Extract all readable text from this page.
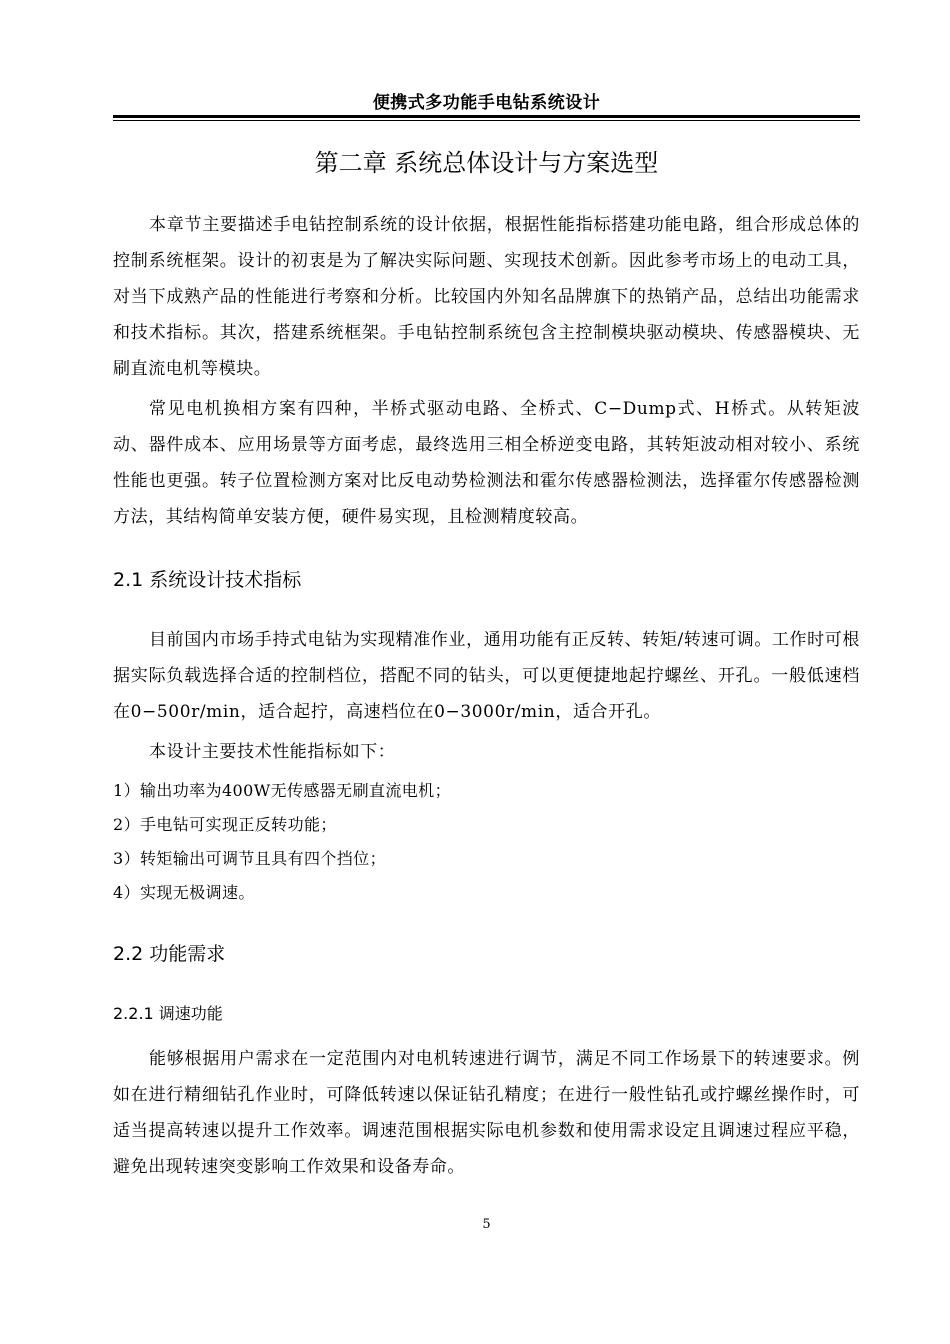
便携式多功能手电钻系统设计
第二章 系统总体设计与方案选型

本章节主要描述手电钻控制系统的设计依据，根据性能指标搭建功能电路，组合形成总体的控制系统框架。设计的初衷是为了解决实际问题、实现技术创新。因此参考市场上的电动工具，对当下成熟产品的性能进行考察和分析。比较国内外知名品牌旗下的热销产品，总结出功能需求和技术指标。其次，搭建系统框架。手电钻控制系统包含主控制模块驱动模块、传感器模块、无刷直流电机等模块。

常见电机换相方案有四种，半桥式驱动电路、全桥式、C−Dump式、H桥式。从转矩波动、器件成本、应用场景等方面考虑，最终选用三相全桥逆变电路，其转矩波动相对较小、系统性能也更强。转子位置检测方案对比反电动势检测法和霍尔传感器检测法，选择霍尔传感器检测方法，其结构简单安装方便，硬件易实现，且检测精度较高。

2.1 系统设计技术指标

目前国内市场手持式电钻为实现精准作业，通用功能有正反转、转矩/转速可调。工作时可根据实际负载选择合适的控制档位，搭配不同的钻头，可以更便捷地起拧螺丝、开孔。一般低速档在0−500r/min，适合起拧，高速档位在0−3000r/min，适合开孔。

本设计主要技术性能指标如下：

1）输出功率为400W无传感器无刷直流电机；
2）手电钻可实现正反转功能；
3）转矩输出可调节且具有四个挡位；
4）实现无极调速。
2.2 功能需求
2.2.1 调速功能

能够根据用户需求在一定范围内对电机转速进行调节，满足不同工作场景下的转速要求。例如在进行精细钻孔作业时，可降低转速以保证钻孔精度；在进行一般性钻孔或拧螺丝操作时，可适当提高转速以提升工作效率。调速范围根据实际电机参数和使用需求设定且调速过程应平稳，避免出现转速突变影响工作效果和设备寿命。

5
